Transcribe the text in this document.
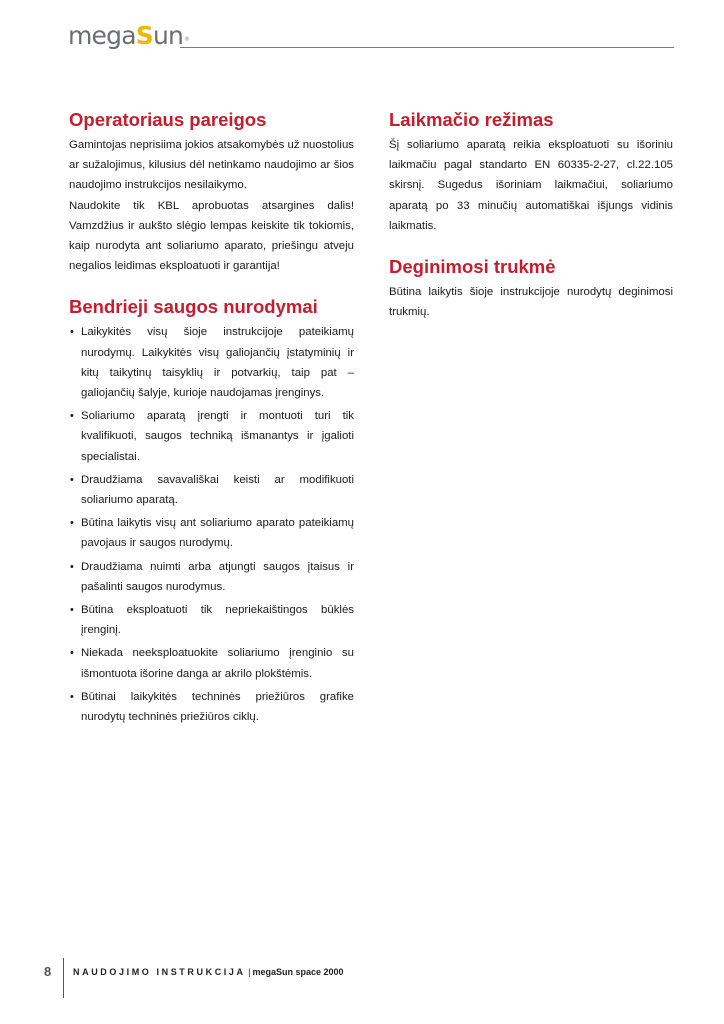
megaSun®
Operatoriaus pareigos

Gamintojas neprisiima jokios atsakomybės už nuostolius ar sužalojimus, kilusius dėl netinkamo naudojimo ar šios naudojimo instrukcijos nesilaikymo.

Naudokite tik KBL aprobuotas atsargines dalis! Vamzdžius ir aukšto slėgio lempas keiskite tik tokiomis, kaip nurodyta ant soliariumo aparato, priešingu atveju negalios leidimas eksploatuoti ir garantija!

Bendrieji saugos nurodymai
• Laikykitės visų šioje instrukcijoje pateikiamų nurodymų. Laikykitės visų galiojančių įstatyminių ir kitų taikytinų taisyklių ir potvarkių, taip pat – galiojančių šalyje, kurioje naudojamas įrenginys.
• Soliariumo aparatą įrengti ir montuoti turi tik kvalifikuoti, saugos techniką išmanantys ir įgalioti specialistai.
• Draudžiama savavališkai keisti ar modifikuoti soliariumo aparatą.
• Būtina laikytis visų ant soliariumo aparato pateikiamų pavojaus ir saugos nurodymų.
• Draudžiama nuimti arba atjungti saugos įtaisus ir pašalinti saugos nurodymus.
• Būtina eksploatuoti tik nepriekaištingos būklės įrenginį.
• Niekada neeksploatuokite soliariumo įrenginio su išmontuota išorine danga ar akrilo plokštėmis.
• Būtinai laikykitės techninės priežiūros grafike nurodytų techninės priežiūros ciklų.
Laikmačio režimas

Šį soliariumo aparatą reikia eksploatuoti su išoriniu laikmačiu pagal standarto EN 60335-2-27, cl.22.105 skirsnį. Sugedus išoriniam laikmačiui, soliariumo aparatą po 33 minučių automatiškai išjungs vidinis laikmatis.

Deginimosi trukmė

Būtina laikytis šioje instrukcijoje nurodytų deginimosi trukmių.

8 NAUDOJIMO INSTRUKCIJA | megaSun space 2000
